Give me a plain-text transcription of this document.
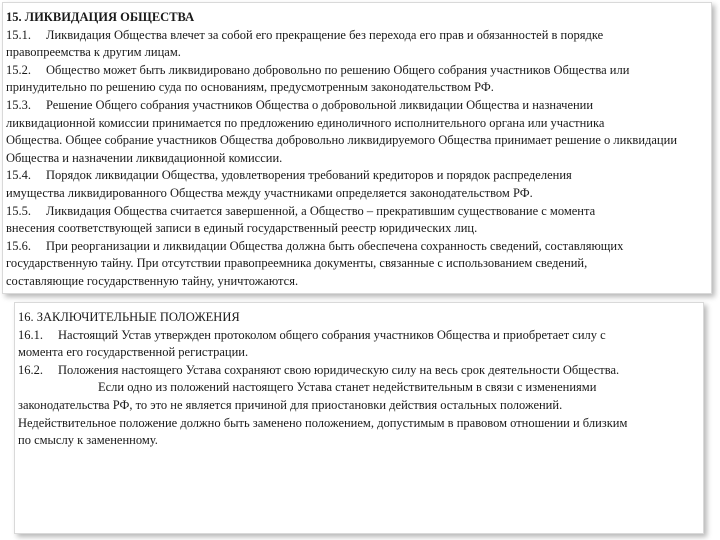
15. ЛИКВИДАЦИЯ ОБЩЕСТВА
15.1. Ликвидация Общества влечет за собой его прекращение без перехода его прав и обязанностей в порядке
правопреемства к другим лицам.
15.2. Общество может быть ликвидировано добровольно по решению Общего собрания участников Общества или
принудительно по решению суда по основаниям, предусмотренным законодательством РФ.
15.3. Решение Общего собрания участников Общества о добровольной ликвидации Общества и назначении
ликвидационной комиссии принимается по предложению единоличного исполнительного органа или участника
Общества. Общее собрание участников Общества добровольно ликвидируемого Общества принимает решение о ликвидации
Общества и назначении ликвидационной комиссии.
15.4. Порядок ликвидации Общества, удовлетворения требований кредиторов и порядок распределения
имущества ликвидированного Общества между участниками определяется законодательством РФ.
15.5. Ликвидация Общества считается завершенной, а Общество – прекратившим существование с момента
внесения соответствующей записи в единый государственный реестр юридических лиц.
15.6. При реорганизации и ликвидации Общества должна быть обеспечена сохранность сведений, составляющих
государственную тайну. При отсутствии правопреемника документы, связанные с использованием сведений,
составляющие государственную тайну, уничтожаются.
16. ЗАКЛЮЧИТЕЛЬНЫЕ ПОЛОЖЕНИЯ
16.1. Настоящий Устав утвержден протоколом общего собрания участников Общества и приобретает силу с
момента его государственной регистрации.
16.2. Положения настоящего Устава сохраняют свою юридическую силу на весь срок деятельности Общества.
Если одно из положений настоящего Устава станет недействительным в связи с изменениями
законодательства РФ, то это не является причиной для приостановки действия остальных положений.
Недействительное положение должно быть заменено положением, допустимым в правовом отношении и близким
по смыслу к замененному.
